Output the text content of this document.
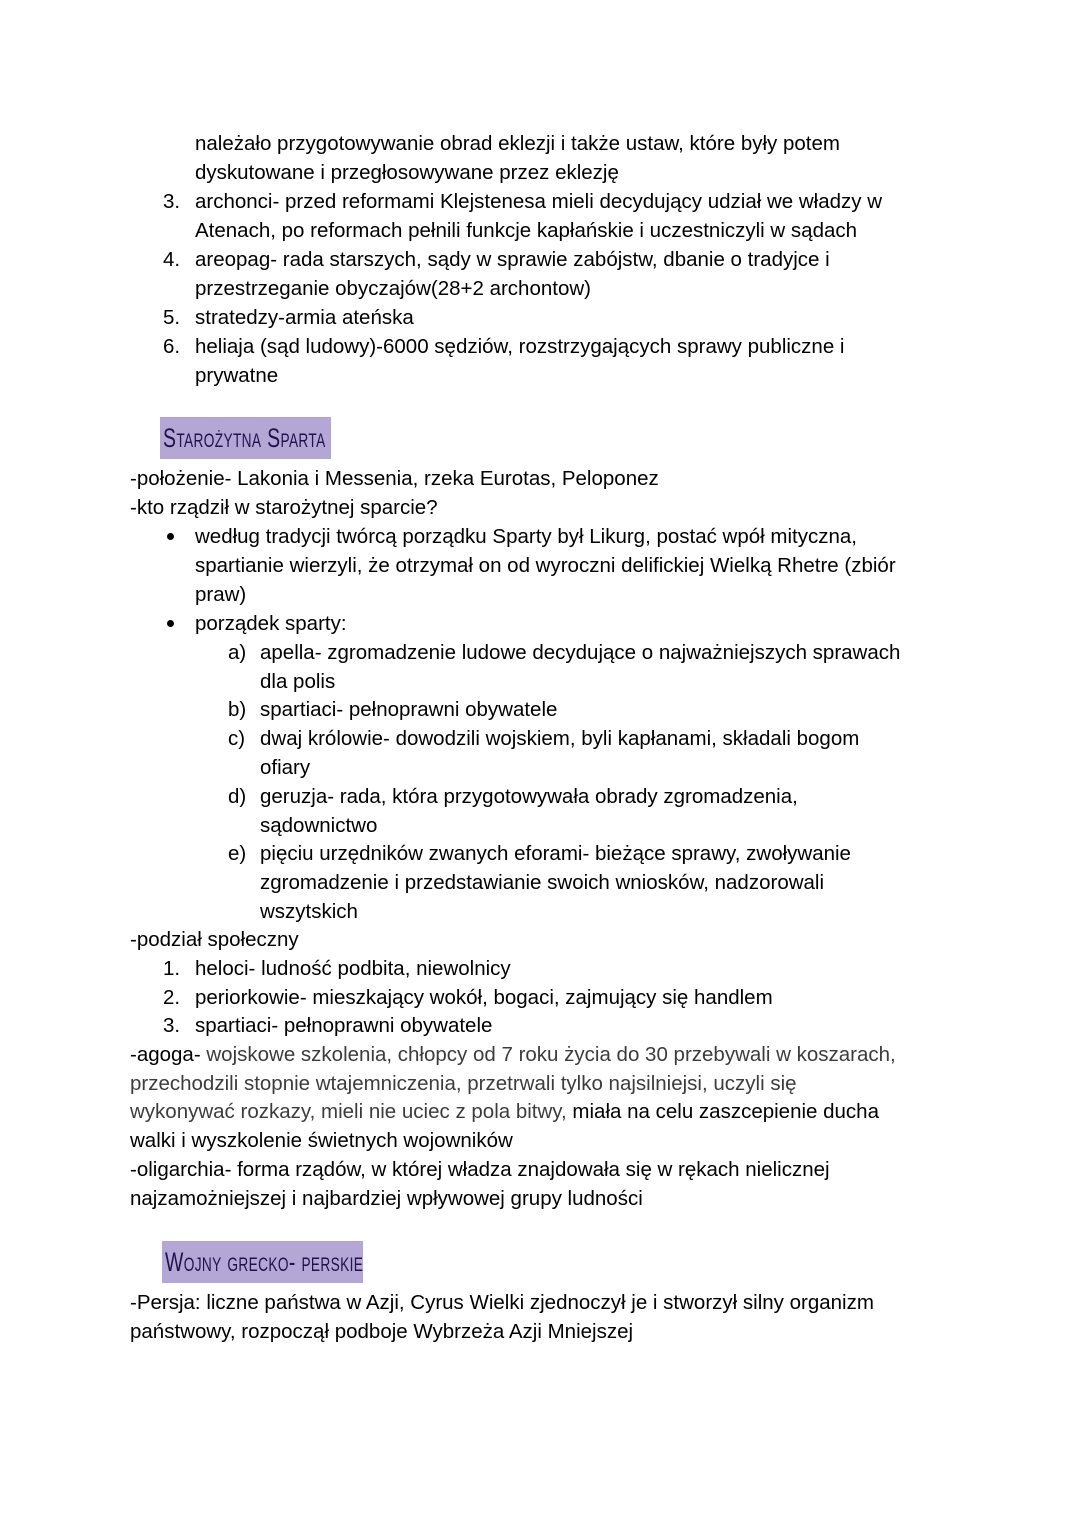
należało przygotowywanie obrad eklezji i także ustaw, które były potem
dyskutowane i przegłosowywane przez eklezję
3. archonci- przed reformami Klejstenesa mieli decydujący udział we władzy w
Atenach, po reformach pełnili funkcje kapłańskie i uczestniczyli w sądach
4. areopag- rada starszych, sądy w sprawie zabójstw, dbanie o tradyjce i
przestrzeganie obyczajów(28+2 archontow)
5. stratedzy-armia ateńska
6. heliaja (sąd ludowy)-6000 sędziów, rozstrzygających sprawy publiczne i
prywatne
Starożytna Sparta
-położenie- Lakonia i Messenia, rzeka Eurotas, Peloponez
-kto rządził w starożytnej sparcie?
według tradycji twórcą porządku Sparty był Likurg, postać wpół mityczna,
spartianie wierzyli, że otrzymał on od wyroczni delifickiej Wielką Rhetre (zbiór
praw)
porządek sparty:
a) apella- zgromadzenie ludowe decydujące o najważniejszych sprawach
dla polis
b) spartiaci- pełnoprawni obywatele
c) dwaj królowie- dowodzili wojskiem, byli kapłanami, składali bogom
ofiary
d) geruzja- rada, która przygotowywała obrady zgromadzenia,
sądownictwo
e) pięciu urzędników zwanych eforami- bieżące sprawy, zwoływanie
zgromadzenie i przedstawianie swoich wniosków, nadzorowali
wszytskich
-podział społeczny
1. heloci- ludność podbita, niewolnicy
2. periorkowie- mieszkający wokół, bogaci, zajmujący się handlem
3. spartiaci- pełnoprawni obywatele
-agoga- wojskowe szkolenia, chłopcy od 7 roku życia do 30 przebywali w koszarach,
przechodzili stopnie wtajemniczenia, przetrwali tylko najsilniejsi, uczyli się
wykonywać rozkazy, mieli nie uciec z pola bitwy, miała na celu zaszcepienie ducha
walki i wyszkolenie świetnych wojowników
-oligarchia- forma rządów, w której władza znajdowała się w rękach nielicznej
najzamożniejszej i najbardziej wpływowej grupy ludności
Wojny grecko- perskie
-Persja: liczne państwa w Azji, Cyrus Wielki zjednoczył je i stworzył silny organizm
państwowy, rozpoczął podboje Wybrzeża Azji Mniejszej
